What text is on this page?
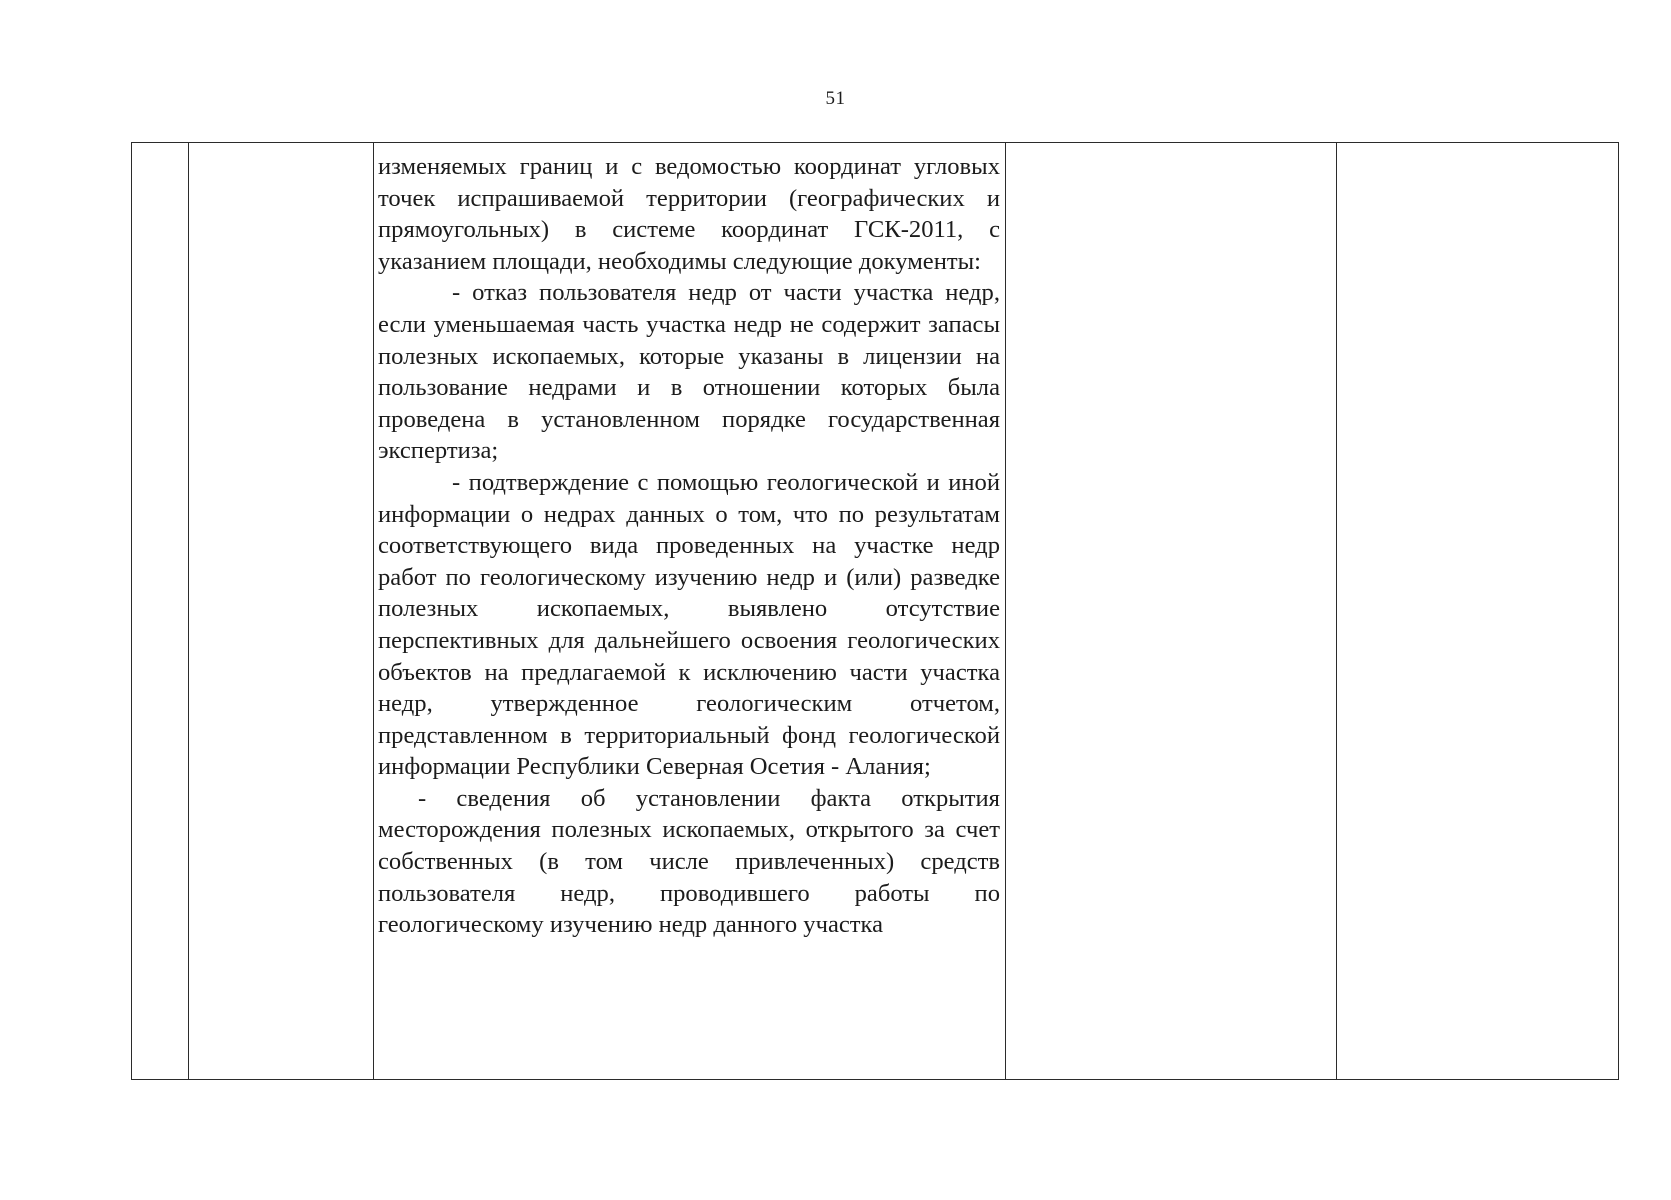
51

изменяемых границ и с ведомостью координат угловых точек испрашиваемой территории (географических и прямоугольных) в системе координат ГСК-2011, с указанием площади, необходимы следующие документы:

- отказ пользователя недр от части участка недр, если уменьшаемая часть участка недр не содержит запасы полезных ископаемых, которые указаны в лицензии на пользование недрами и в отношении которых была проведена в установленном порядке государственная экспертиза;

- подтверждение с помощью геологической и иной информации о недрах данных о том, что по результатам соответствующего вида проведенных на участке недр работ по геологическому изучению недр и (или) разведке полезных ископаемых, выявлено отсутствие перспективных для дальнейшего освоения геологических объектов на предлагаемой к исключению части участка недр, утвержденное геологическим отчетом, представленном в территориальный фонд геологической информации Республики Северная Осетия - Алания;

- сведения об установлении факта открытия месторождения полезных ископаемых, открытого за счет собственных (в том числе привлеченных) средств пользователя недр, проводившего работы по геологическому изучению недр данного участка
